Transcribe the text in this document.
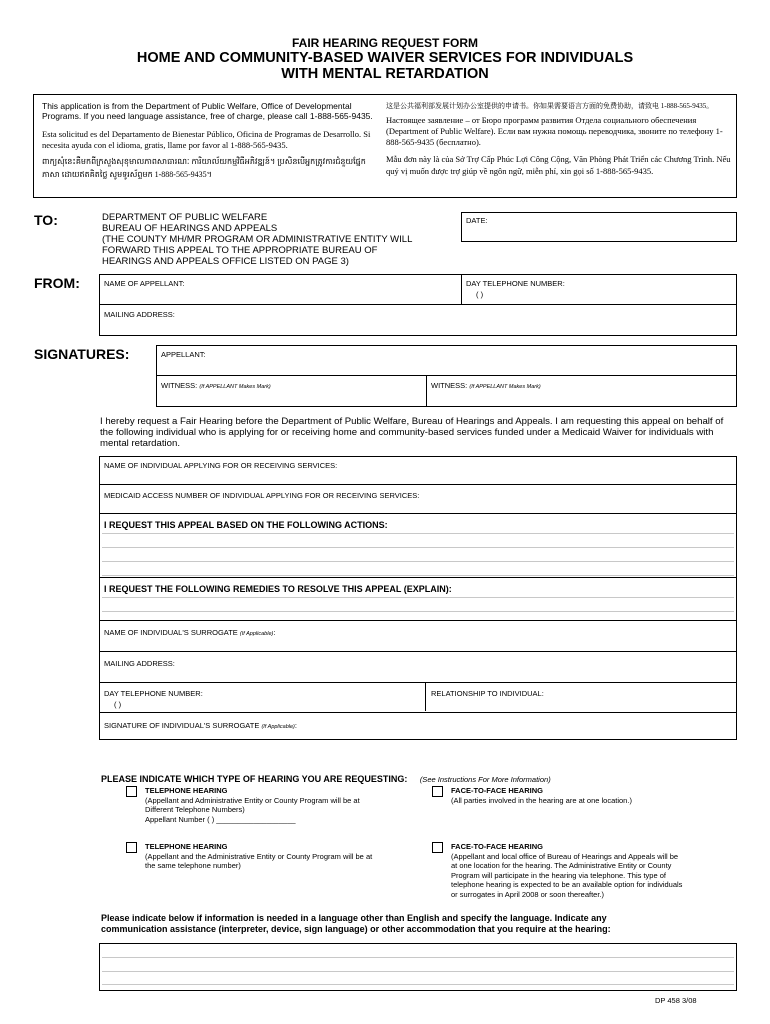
FAIR HEARING REQUEST FORM
HOME AND COMMUNITY-BASED WAIVER SERVICES FOR INDIVIDUALS
WITH MENTAL RETARDATION
This application is from the Department of Public Welfare, Office of Developmental Programs. If you need language assistance, free of charge, please call 1-888-565-9435.
Esta solicitud es del Departamento de Bienestar Público, Oficina de Programas de Desarrollo. Si necesita ayuda con el idioma, gratis, llame por favor al 1-888-565-9435.
ពាក្យសុំនេះគឺមកពីក្រសួងសុខុមាលភាពសាធារណៈ ការិយាល័យកម្មវិធីអភិវឌ្ឍន៍។ ប្រសិនបើអ្នកត្រូវការជំនួយផ្នែកភាសា ដោយឥតគិតថ្លៃ សូមទូរស័ព្ទមក 1-888-565-9435។
这是公共福利部发展计划办公室提供的申请书。你如果需要语言方面的免费协助，请致电 1-888-565-9435。
Настоящее заявление – от Бюро программ развития Отдела социального обеспечения (Department of Public Welfare). Если вам нужна помощь переводчика, звоните по телефону 1-888-565-9435 (бесплатно).
Mẫu đơn này là của Sở Trợ Cấp Phúc Lợi Công Cộng, Văn Phòng Phát Triển các Chương Trình. Nếu quý vị muốn được trợ giúp về ngôn ngữ, miễn phí, xin gọi số 1-888-565-9435.
TO:	DEPARTMENT OF PUBLIC WELFARE
BUREAU OF HEARINGS AND APPEALS
(THE COUNTY MH/MR PROGRAM OR ADMINISTRATIVE ENTITY WILL
FORWARD THIS APPEAL TO THE APPROPRIATE BUREAU OF
HEARINGS AND APPEALS OFFICE LISTED ON PAGE 3)
DATE:
FROM:	NAME OF APPELLANT:	DAY TELEPHONE NUMBER:
( )
MAILING ADDRESS:
SIGNATURES:	APPELLANT:
WITNESS: (If APPELLANT Makes Mark)	WITNESS: (If APPELLANT Makes Mark)
I hereby request a Fair Hearing before the Department of Public Welfare, Bureau of Hearings and Appeals. I am requesting this appeal on behalf of the following individual who is applying for or receiving home and community-based services funded under a Medicaid Waiver for individuals with mental retardation.
NAME OF INDIVIDUAL APPLYING FOR OR RECEIVING SERVICES:
MEDICAID ACCESS NUMBER OF INDIVIDUAL APPLYING FOR OR RECEIVING SERVICES:
I REQUEST THIS APPEAL BASED ON THE FOLLOWING ACTIONS:
I REQUEST THE FOLLOWING REMEDIES TO RESOLVE THIS APPEAL (EXPLAIN):
NAME OF INDIVIDUAL'S SURROGATE (If Applicable):
MAILING ADDRESS:
DAY TELEPHONE NUMBER:
( )
RELATIONSHIP TO INDIVIDUAL:
SIGNATURE OF INDIVIDUAL'S SURROGATE (If Applicable):
PLEASE INDICATE WHICH TYPE OF HEARING YOU ARE REQUESTING: (See Instructions For More Information)
TELEPHONE HEARING
(Appellant and Administrative Entity or County Program will be at
Different Telephone Numbers)
Appellant Number ( ) ___________________
FACE-TO-FACE HEARING
(All parties involved in the hearing are at one location.)
TELEPHONE HEARING
(Appellant and the Administrative Entity or County Program will be at
the same telephone number)
FACE-TO-FACE HEARING
(Appellant and local office of Bureau of Hearings and Appeals will be
at one location for the hearing. The Administrative Entity or County
Program will participate in the hearing via telephone. This type of
telephone hearing is expected to be an available option for individuals
or surrogates in April 2008 or soon thereafter.)
Please indicate below if information is needed in a language other than English and specify the language. Indicate any
communication assistance (interpreter, device, sign language) or other accommodation that you require at the hearing:
DP 458 3/08
